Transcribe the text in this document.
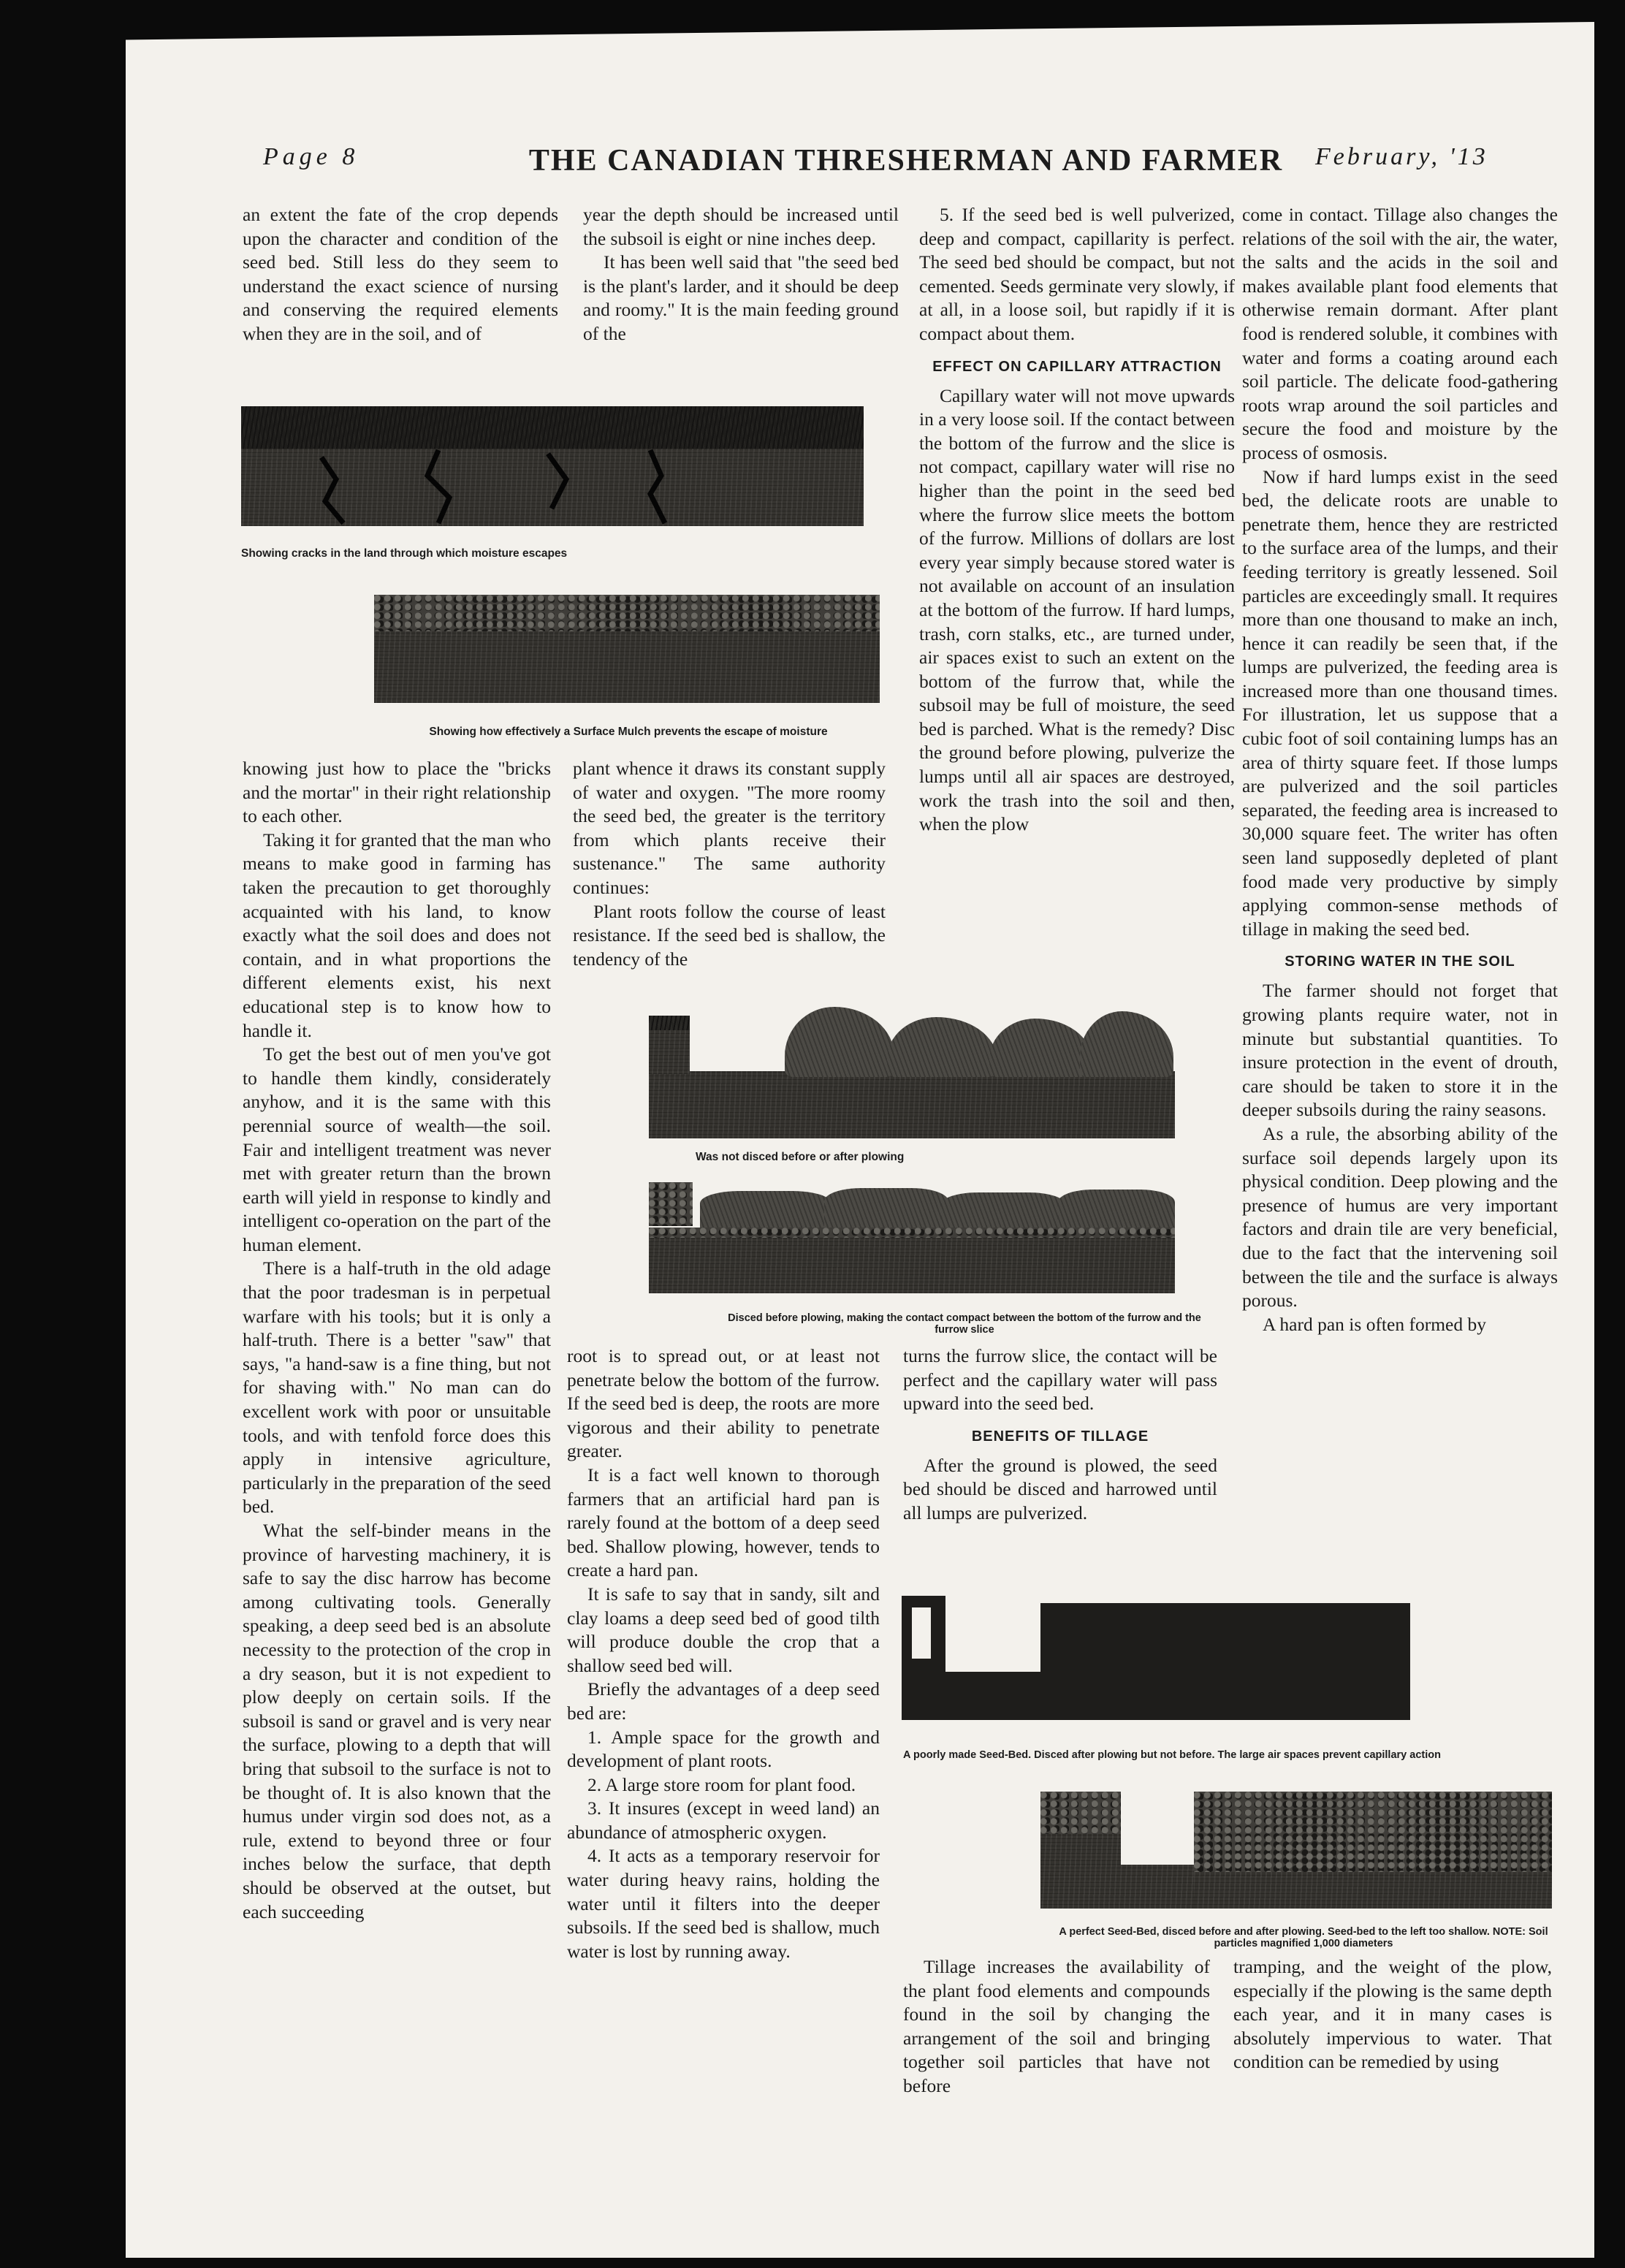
Page 8	THE CANADIAN THRESHERMAN AND FARMER February, '13

an extent the fate of the crop depends upon the character and condition of the seed bed. Still less do they seem to understand the exact science of nursing and conserving the required elements when they are in the soil, and of

year the depth should be increased until the subsoil is eight or nine inches deep.

It has been well said that "the seed bed is the plant's larder, and it should be deep and roomy." It is the main feeding ground of the

5. If the seed bed is well pulverized, deep and compact, capillarity is perfect. The seed bed should be compact, but not cemented. Seeds germinate very slowly, if at all, in a loose soil, but rapidly if it is compact about them.

EFFECT ON CAPILLARY ATTRACTION

Capillary water will not move upwards in a very loose soil. If the contact between the bottom of the furrow and the slice is not compact, capillary water will rise no higher than the point in the seed bed where the furrow slice meets the bottom of the furrow. Millions of dollars are lost every year simply because stored water is not available on account of an insulation at the bottom of the furrow. If hard lumps, trash, corn stalks, etc., are turned under, air spaces exist to such an extent on the bottom of the furrow that, while the subsoil may be full of moisture, the seed bed is parched. What is the remedy? Disc the ground before plowing, pulverize the lumps until all air spaces are destroyed, work the trash into the soil and then, when the plow

come in contact. Tillage also changes the relations of the soil with the air, the water, the salts and the acids in the soil and makes available plant food elements that otherwise remain dormant. After plant food is rendered soluble, it combines with water and forms a coating around each soil particle. The delicate food-gathering roots wrap around the soil particles and secure the food and moisture by the process of osmosis.

Now if hard lumps exist in the seed bed, the delicate roots are unable to penetrate them, hence they are restricted to the surface area of the lumps, and their feeding territory is greatly lessened. Soil particles are exceedingly small. It requires more than one thousand to make an inch, hence it can readily be seen that, if the lumps are pulverized, the feeding area is increased more than one thousand times. For illustration, let us suppose that a cubic foot of soil containing lumps has an area of thirty square feet. If those lumps are pulverized and the soil particles separated, the feeding area is increased to 30,000 square feet. The writer has often seen land supposedly depleted of plant food made very productive by simply applying common-sense methods of tillage in making the seed bed.

STORING WATER IN THE SOIL

The farmer should not forget that growing plants require water, not in minute but substantial quantities. To insure protection in the event of drouth, care should be taken to store it in the deeper subsoils during the rainy seasons.

As a rule, the absorbing ability of the surface soil depends largely upon its physical condition. Deep plowing and the presence of humus are very important factors and drain tile are very beneficial, due to the fact that the intervening soil between the tile and the surface is always porous.

A hard pan is often formed by

Showing cracks in the land through which moisture escapes
Showing how effectively a Surface Mulch prevents the escape of moisture

knowing just how to place the "bricks and the mortar" in their right relationship to each other.

Taking it for granted that the man who means to make good in farming has taken the precaution to get thoroughly acquainted with his land, to know exactly what the soil does and does not contain, and in what proportions the different elements exist, his next educational step is to know how to handle it.

To get the best out of men you've got to handle them kindly, considerately anyhow, and it is the same with this perennial source of wealth—the soil. Fair and intelligent treatment was never met with greater return than the brown earth will yield in response to kindly and intelligent co-operation on the part of the human element.

There is a half-truth in the old adage that the poor tradesman is in perpetual warfare with his tools; but it is only a half-truth. There is a better "saw" that says, "a hand-saw is a fine thing, but not for shaving with." No man can do excellent work with poor or unsuitable tools, and with tenfold force does this apply in intensive agriculture, particularly in the preparation of the seed bed.

What the self-binder means in the province of harvesting machinery, it is safe to say the disc harrow has become among cultivating tools. Generally speaking, a deep seed bed is an absolute necessity to the protection of the crop in a dry season, but it is not expedient to plow deeply on certain soils. If the subsoil is sand or gravel and is very near the surface, plowing to a depth that will bring that subsoil to the surface is not to be thought of. It is also known that the humus under virgin sod does not, as a rule, extend to beyond three or four inches below the surface, that depth should be observed at the outset, but each succeeding

plant whence it draws its constant supply of water and oxygen. "The more roomy the seed bed, the greater is the territory from which plants receive their sustenance." The same authority continues:

Plant roots follow the course of least resistance. If the seed bed is shallow, the tendency of the

Was not disced before or after plowing
Disced before plowing, making the contact compact between the bottom of the furrow and the furrow slice

root is to spread out, or at least not penetrate below the bottom of the furrow. If the seed bed is deep, the roots are more vigorous and their ability to penetrate greater.

It is a fact well known to thorough farmers that an artificial hard pan is rarely found at the bottom of a deep seed bed. Shallow plowing, however, tends to create a hard pan.

It is safe to say that in sandy, silt and clay loams a deep seed bed of good tilth will produce double the crop that a shallow seed bed will.

Briefly the advantages of a deep seed bed are:

1. Ample space for the growth and development of plant roots.

2. A large store room for plant food.

3. It insures (except in weed land) an abundance of atmospheric oxygen.

4. It acts as a temporary reservoir for water during heavy rains, holding the water until it filters into the deeper subsoils. If the seed bed is shallow, much water is lost by running away.

turns the furrow slice, the contact will be perfect and the capillary water will pass upward into the seed bed.

BENEFITS OF TILLAGE

After the ground is plowed, the seed bed should be disced and harrowed until all lumps are pulverized.

A poorly made Seed-Bed. Disced after plowing but not before. The large air spaces prevent capillary action
A perfect Seed-Bed, disced before and after plowing. Seed-bed to the left too shallow. NOTE: Soil particles magnified 1,000 diameters

Tillage increases the availability of the plant food elements and compounds found in the soil by changing the arrangement of the soil and bringing together soil particles that have not before

tramping, and the weight of the plow, especially if the plowing is the same depth each year, and it in many cases is absolutely impervious to water. That condition can be remedied by using
